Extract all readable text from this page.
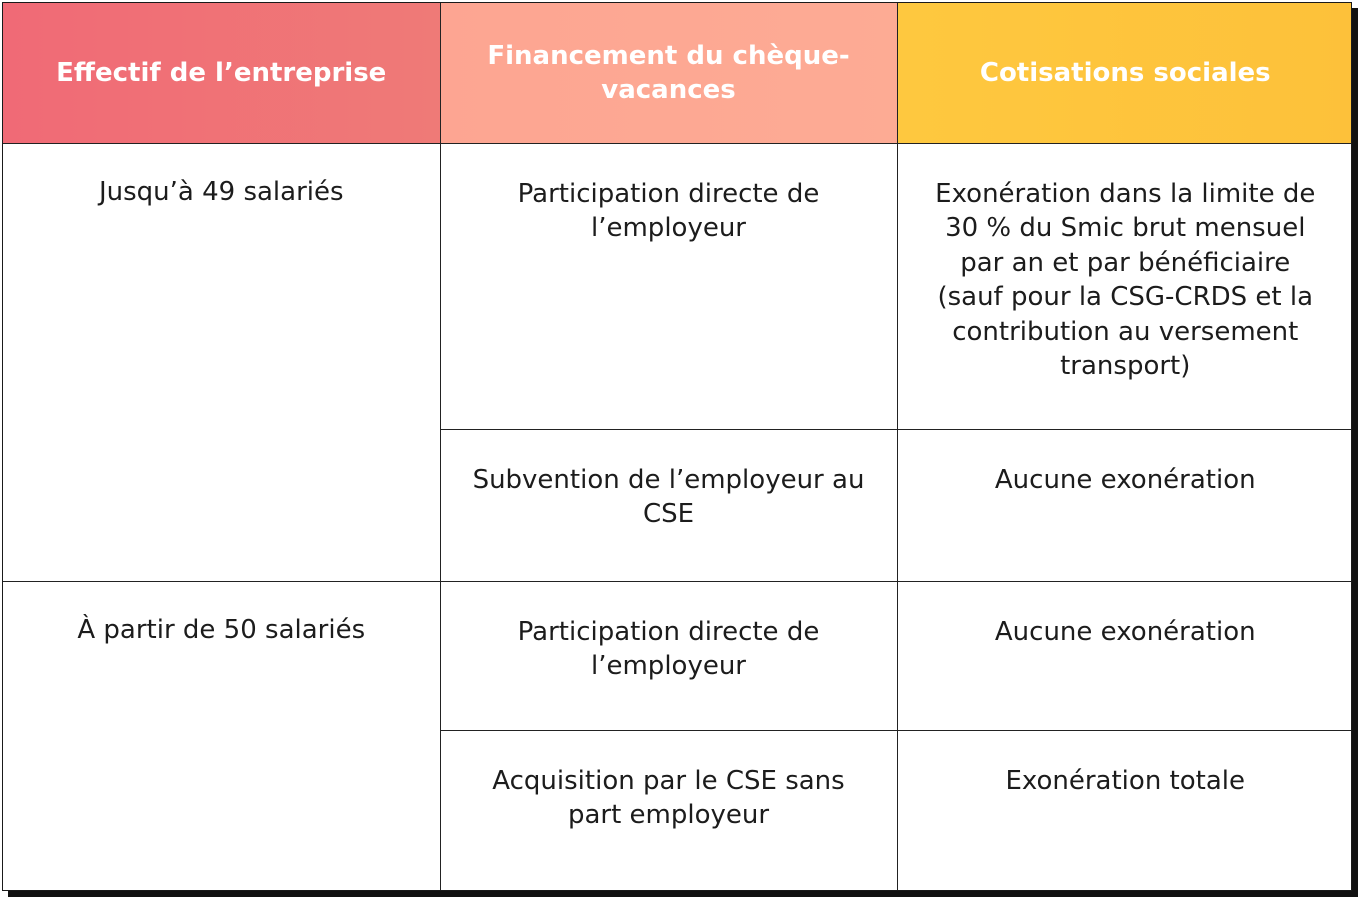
Effectif de l’entreprise	Financement du chèque-vacances	Cotisations sociales
Jusqu’à 49 salariés	Participation directe de l’employeur	Exonération dans la limite de 30 % du Smic brut mensuel par an et par bénéficiaire (sauf pour la CSG-CRDS et la contribution au versement transport)
	Subvention de l’employeur au CSE	Aucune exonération
À partir de 50 salariés	Participation directe de l’employeur	Aucune exonération
	Acquisition par le CSE sans part employeur	Exonération totale
